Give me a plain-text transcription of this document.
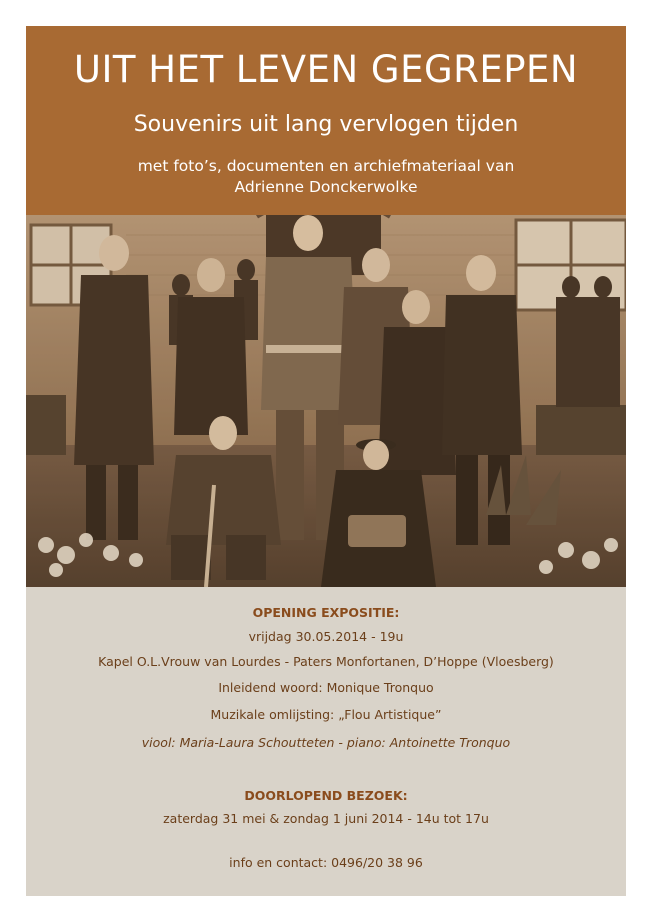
UIT HET LEVEN GEGREPEN
Souvenirs uit lang vervlogen tijden
met foto’s, documenten en archiefmateriaal van
Adrienne Donckerwolke
OPENING EXPOSITIE:
vrijdag 30.05.2014 - 19u
Kapel O.L.Vrouw van Lourdes - Paters Monfortanen, D’Hoppe (Vloesberg)
Inleidend woord: Monique Tronquo
Muzikale omlijsting: „Flou Artistique”
viool: Maria-Laura Schoutteten - piano: Antoinette Tronquo
DOORLOPEND BEZOEK:
zaterdag 31 mei & zondag 1 juni 2014 - 14u tot 17u
info en contact: 0496/20 38 96
